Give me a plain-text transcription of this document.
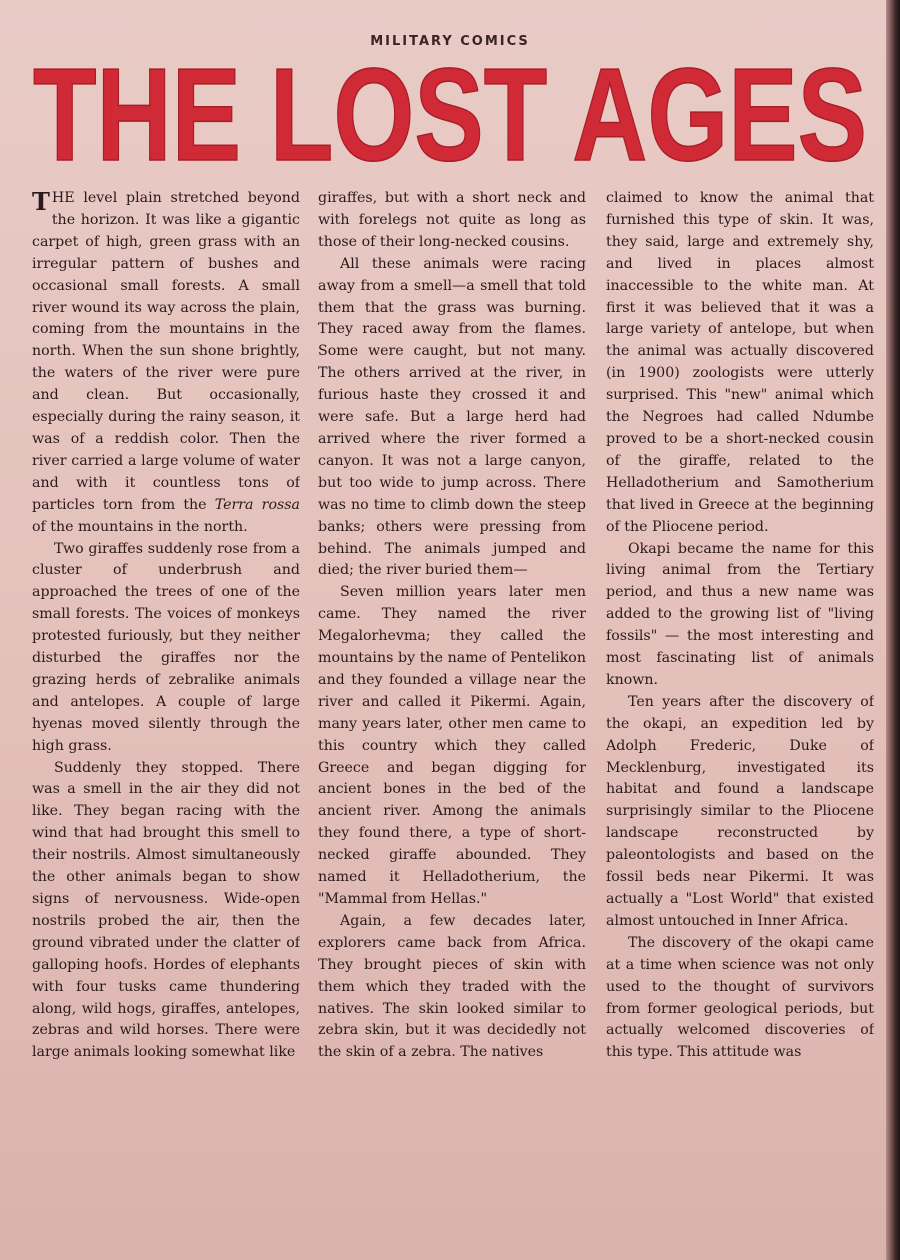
MILITARY COMICS
THE LOST AGES

THE level plain stretched beyond the horizon. It was like a gigantic carpet of high, green grass with an irregular pattern of bushes and occasional small forests. A small river wound its way across the plain, coming from the mountains in the north. When the sun shone brightly, the waters of the river were pure and clean. But occasionally, especially during the rainy season, it was of a reddish color. Then the river carried a large volume of water and with it countless tons of particles torn from the Terra rossa of the mountains in the north.

Two giraffes suddenly rose from a cluster of underbrush and approached the trees of one of the small forests. The voices of monkeys protested furiously, but they neither disturbed the giraffes nor the grazing herds of zebralike animals and antelopes. A couple of large hyenas moved silently through the high grass.

Suddenly they stopped. There was a smell in the air they did not like. They began racing with the wind that had brought this smell to their nostrils. Almost simultaneously the other animals began to show signs of nervousness. Wide-open nostrils probed the air, then the ground vibrated under the clatter of galloping hoofs. Hordes of elephants with four tusks came thundering along, wild hogs, giraffes, antelopes, zebras and wild horses. There were large animals looking somewhat like

giraffes, but with a short neck and with forelegs not quite as long as those of their long-necked cousins.

All these animals were racing away from a smell—a smell that told them that the grass was burning. They raced away from the flames. Some were caught, but not many. The others arrived at the river, in furious haste they crossed it and were safe. But a large herd had arrived where the river formed a canyon. It was not a large canyon, but too wide to jump across. There was no time to climb down the steep banks; others were pressing from behind. The animals jumped and died; the river buried them—

Seven million years later men came. They named the river Megalorhevma; they called the mountains by the name of Pentelikon and they founded a village near the river and called it Pikermi. Again, many years later, other men came to this country which they called Greece and began digging for ancient bones in the bed of the ancient river. Among the animals they found there, a type of short-necked giraffe abounded. They named it Helladotherium, the "Mammal from Hellas."

Again, a few decades later, explorers came back from Africa. They brought pieces of skin with them which they traded with the natives. The skin looked similar to zebra skin, but it was decidedly not the skin of a zebra. The natives

claimed to know the animal that furnished this type of skin. It was, they said, large and extremely shy, and lived in places almost inaccessible to the white man. At first it was believed that it was a large variety of antelope, but when the animal was actually discovered (in 1900) zoologists were utterly surprised. This "new" animal which the Negroes had called Ndumbe proved to be a short-necked cousin of the giraffe, related to the Helladotherium and Samotherium that lived in Greece at the beginning of the Pliocene period.

Okapi became the name for this living animal from the Tertiary period, and thus a new name was added to the growing list of "living fossils" — the most interesting and most fascinating list of animals known.

Ten years after the discovery of the okapi, an expedition led by Adolph Frederic, Duke of Mecklenburg, investigated its habitat and found a landscape surprisingly similar to the Pliocene landscape reconstructed by paleontologists and based on the fossil beds near Pikermi. It was actually a "Lost World" that existed almost untouched in Inner Africa.

The discovery of the okapi came at a time when science was not only used to the thought of survivors from former geological periods, but actually welcomed discoveries of this type. This attitude was
